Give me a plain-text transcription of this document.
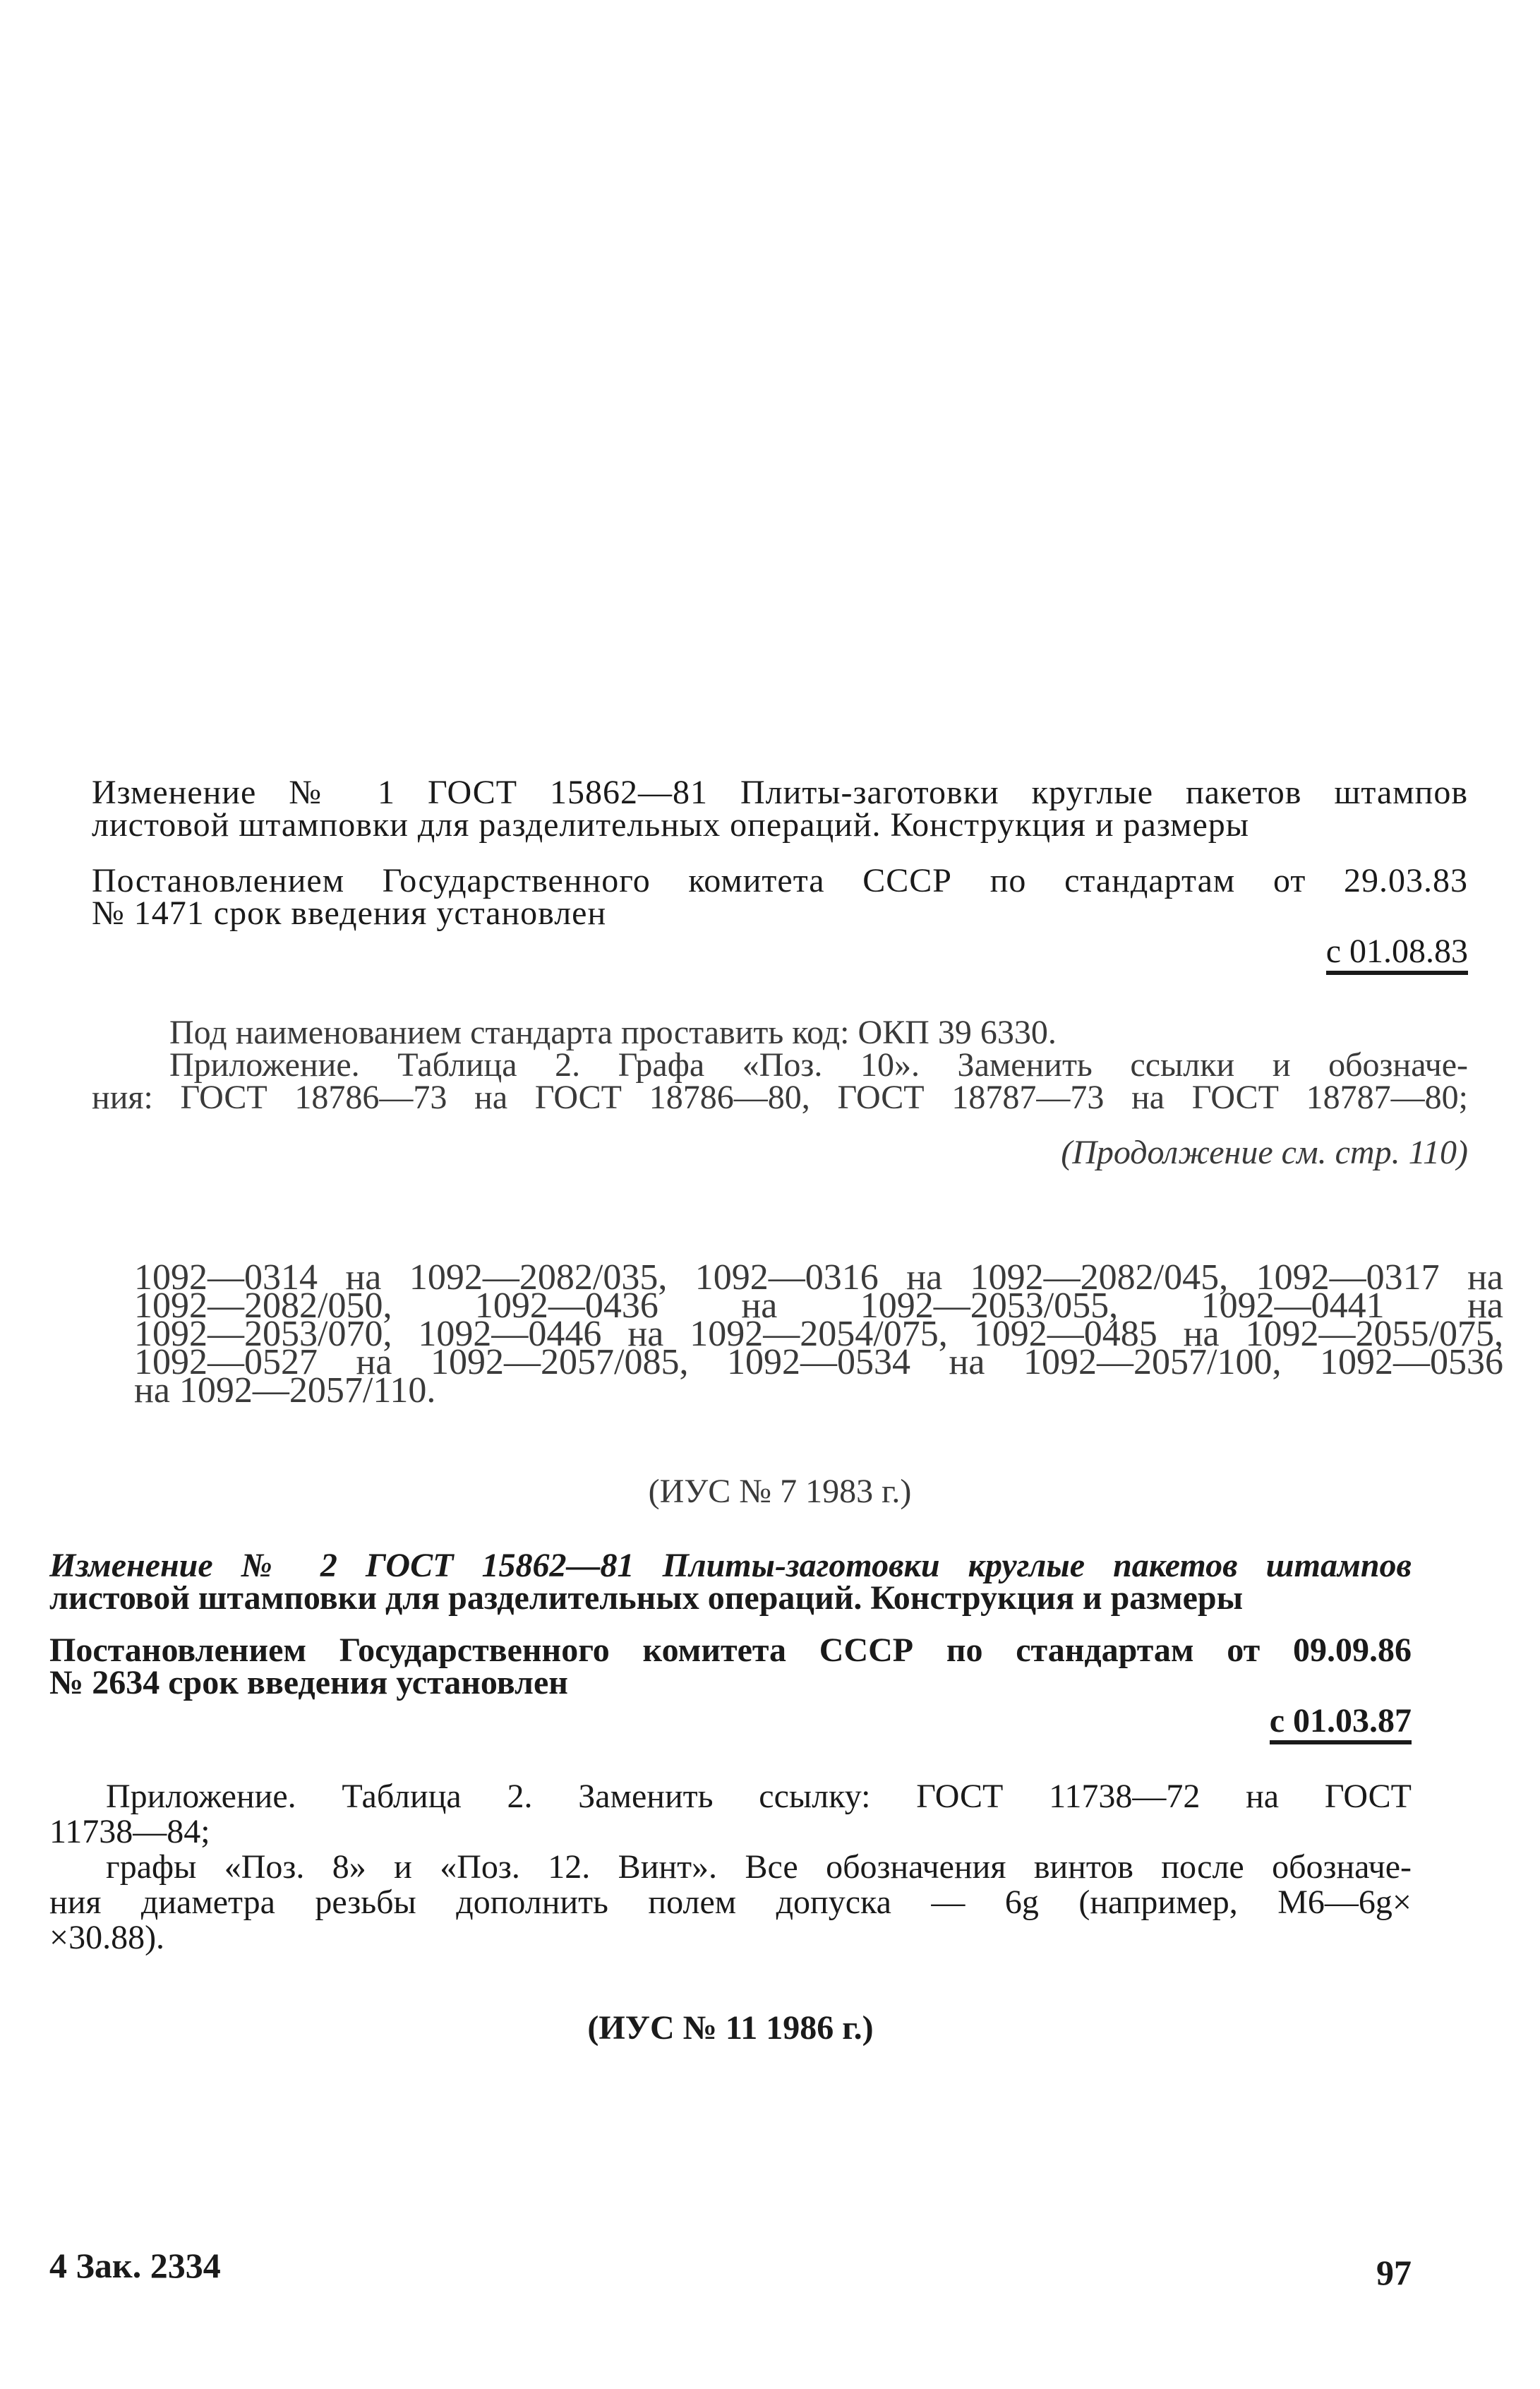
Изменение № 1 ГОСТ 15862—81 Плиты-заготовки круглые пакетов штампов
листовой штамповки для разделительных операций. Конструкция и размеры
Постановлением Государственного комитета СССР по стандартам от 29.03.83
№ 1471 срок введения установлен
с 01.08.83
Под наименованием стандарта проставить код: ОКП 39 6330.
Приложение. Таблица 2. Графа «Поз. 10». Заменить ссылки и обозначе-
ния: ГОСТ 18786—73 на ГОСТ 18786—80, ГОСТ 18787—73 на ГОСТ 18787—80;
(Продолжение см. стр. 110)
1092—0314 на 1092—2082/035, 1092—0316 на 1092—2082/045, 1092—0317 на
1092—2082/050, 1092—0436 на 1092—2053/055, 1092—0441 на
1092—2053/070, 1092—0446 на 1092—2054/075, 1092—0485 на 1092—2055/075,
1092—0527 на 1092—2057/085, 1092—0534 на 1092—2057/100, 1092—0536
на 1092—2057/110.
(ИУС № 7 1983 г.)
Изменение № 2 ГОСТ 15862—81 Плиты-заготовки круглые пакетов штампов
листовой штамповки для разделительных операций. Конструкция и размеры
Постановлением Государственного комитета СССР по стандартам от 09.09.86
№ 2634 срок введения установлен
с 01.03.87
Приложение. Таблица 2. Заменить ссылку: ГОСТ 11738—72 на ГОСТ
11738—84;
графы «Поз. 8» и «Поз. 12. Винт». Все обозначения винтов после обозначе-
ния диаметра резьбы дополнить полем допуска — 6g (например, М6—6g×
×30.88).
(ИУС № 11 1986 г.)
4 Зак. 2334	97
